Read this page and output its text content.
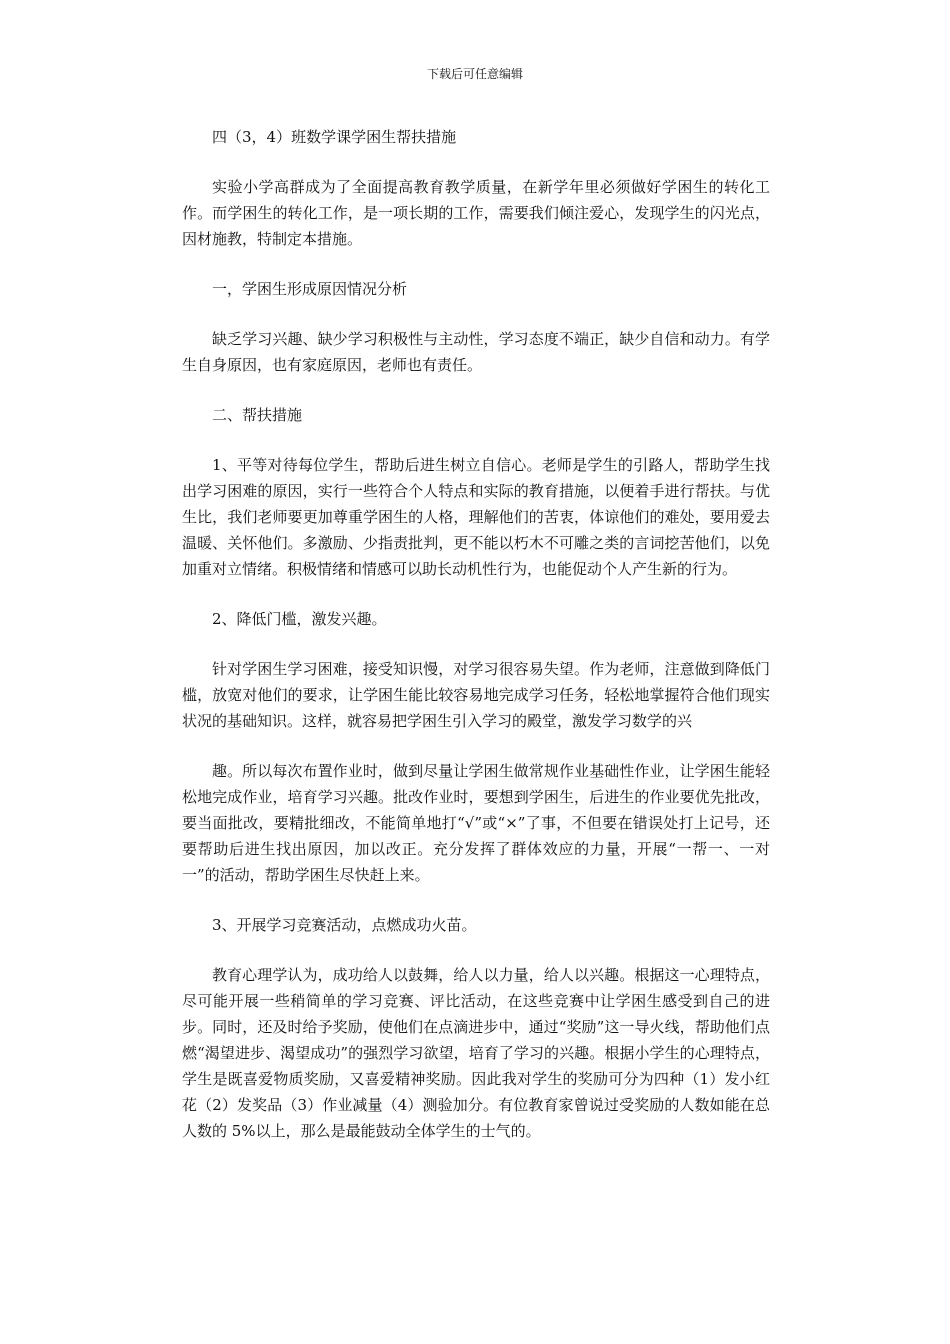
下载后可任意编辑

四（3，4）班数学课学困生帮扶措施

实验小学高群成为了全面提高教育教学质量，在新学年里必须做好学困生的转化工作。而学困生的转化工作，是一项长期的工作，需要我们倾注爱心，发现学生的闪光点，因材施教，特制定本措施。

一，学困生形成原因情况分析

缺乏学习兴趣、缺少学习积极性与主动性，学习态度不端正，缺少自信和动力。有学生自身原因，也有家庭原因，老师也有责任。

二、帮扶措施

1、平等对待每位学生，帮助后进生树立自信心。老师是学生的引路人，帮助学生找出学习困难的原因，实行一些符合个人特点和实际的教育措施，以便着手进行帮扶。与优生比，我们老师要更加尊重学困生的人格，理解他们的苦衷，体谅他们的难处，要用爱去温暖、关怀他们。多激励、少指责批判，更不能以朽木不可雕之类的言词挖苦他们，以免加重对立情绪。积极情绪和情感可以助长动机性行为，也能促动个人产生新的行为。

2、降低门槛，激发兴趣。

针对学困生学习困难，接受知识慢，对学习很容易失望。作为老师，注意做到降低门槛，放宽对他们的要求，让学困生能比较容易地完成学习任务，轻松地掌握符合他们现实状况的基础知识。这样，就容易把学困生引入学习的殿堂，激发学习数学的兴

趣。所以每次布置作业时，做到尽量让学困生做常规作业基础性作业，让学困生能轻松地完成作业，培育学习兴趣。批改作业时，要想到学困生，后进生的作业要优先批改，要当面批改，要精批细改，不能简单地打“√”或“×”了事，不但要在错误处打上记号，还要帮助后进生找出原因，加以改正。充分发挥了群体效应的力量，开展“一帮一、一对一”的活动，帮助学困生尽快赶上来。

3、开展学习竞赛活动，点燃成功火苗。

教育心理学认为，成功给人以鼓舞，给人以力量，给人以兴趣。根据这一心理特点，尽可能开展一些稍简单的学习竞赛、评比活动，在这些竞赛中让学困生感受到自己的进步。同时，还及时给予奖励，使他们在点滴进步中，通过“奖励”这一导火线，帮助他们点燃“渴望进步、渴望成功”的强烈学习欲望，培育了学习的兴趣。根据小学生的心理特点，学生是既喜爱物质奖励，又喜爱精神奖励。因此我对学生的奖励可分为四种（1）发小红花（2）发奖品（3）作业减量（4）测验加分。有位教育家曾说过受奖励的人数如能在总人数的 5%以上，那么是最能鼓动全体学生的士气的。
